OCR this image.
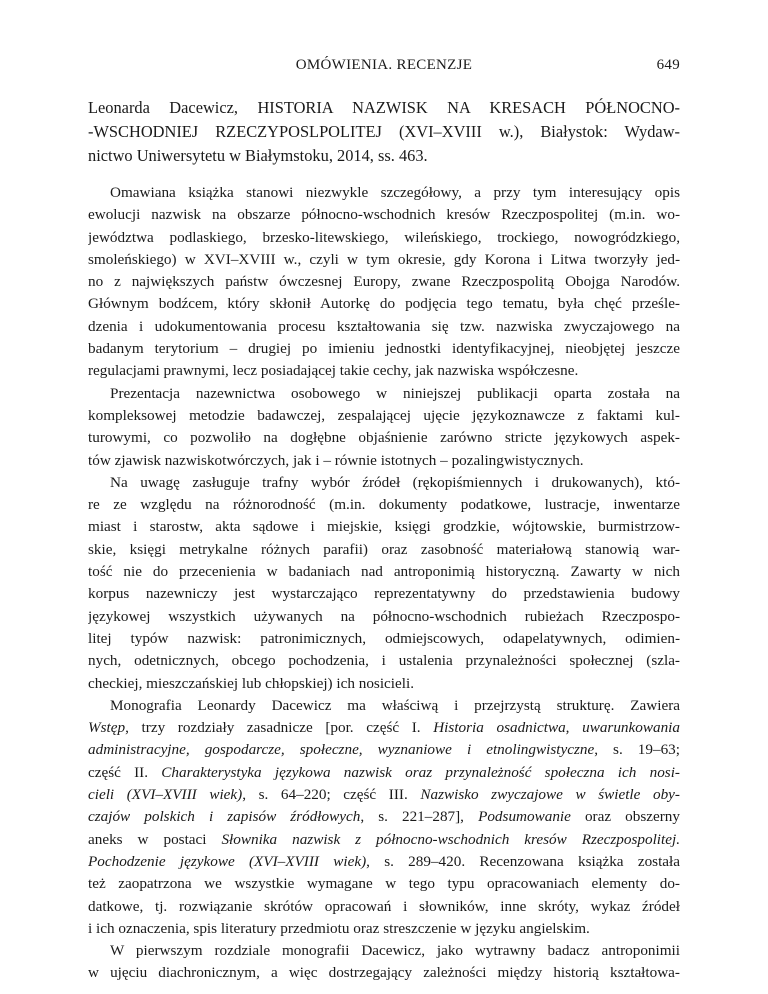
OMÓWIENIA. RECENZJE	649
Leonarda Dacewicz, HISTORIA NAZWISK NA KRESACH PÓŁNOCNO-
-WSCHODNIEJ RZECZYPOSLPOLITEJ (XVI–XVIII w.), Białystok: Wydaw-
nictwo Uniwersytetu w Białymstoku, 2014, ss. 463.
Omawiana książka stanowi niezwykle szczegółowy, a przy tym interesujący opis
ewolucji nazwisk na obszarze północno-wschodnich kresów Rzeczpospolitej (m.in. wo-
jewództwa podlaskiego, brzesko-litewskiego, wileńskiego, trockiego, nowogródzkiego,
smoleńskiego) w XVI–XVIII w., czyli w tym okresie, gdy Korona i Litwa tworzyły jed-
no z największych państw ówczesnej Europy, zwane Rzeczpospolitą Obojga Narodów.
Głównym bodźcem, który skłonił Autorkę do podjęcia tego tematu, była chęć prześle-
dzenia i udokumentowania procesu kształtowania się tzw. nazwiska zwyczajowego na
badanym terytorium – drugiej po imieniu jednostki identyfikacyjnej, nieobjętej jeszcze
regulacjami prawnymi, lecz posiadającej takie cechy, jak nazwiska współczesne.
Prezentacja nazewnictwa osobowego w niniejszej publikacji oparta została na
kompleksowej metodzie badawczej, zespalającej ujęcie językoznawcze z faktami kul-
turowymi, co pozwoliło na dogłębne objaśnienie zarówno stricte językowych aspek-
tów zjawisk nazwiskotwórczych, jak i – równie istotnych – pozalingwistycznych.
Na uwagę zasługuje trafny wybór źródeł (rękopiśmiennych i drukowanych), któ-
re ze względu na różnorodność (m.in. dokumenty podatkowe, lustracje, inwentarze
miast i starostw, akta sądowe i miejskie, księgi grodzkie, wójtowskie, burmistrzow-
skie, księgi metrykalne różnych parafii) oraz zasobność materiałową stanowią war-
tość nie do przecenienia w badaniach nad antroponimią historyczną. Zawarty w nich
korpus nazewniczy jest wystarczająco reprezentatywny do przedstawienia budowy
językowej wszystkich używanych na północno-wschodnich rubieżach Rzeczpospo-
litej typów nazwisk: patronimicznych, odmiejscowych, odapelatywnych, odimien-
nych, odetnicznych, obcego pochodzenia, i ustalenia przynależności społecznej (szla-
checkiej, mieszczańskiej lub chłopskiej) ich nosicieli.
Monografia Leonardy Dacewicz ma właściwą i przejrzystą strukturę. Zawiera
Wstęp, trzy rozdziały zasadnicze [por. część I. Historia osadnictwa, uwarunkowania
administracyjne, gospodarcze, społeczne, wyznaniowe i etnolingwistyczne, s. 19–63;
część II. Charakterystyka językowa nazwisk oraz przynależność społeczna ich nosi-
cieli (XVI–XVIII wiek), s. 64–220; część III. Nazwisko zwyczajowe w świetle oby-
czajów polskich i zapisów źródłowych, s. 221–287], Podsumowanie oraz obszerny
aneks w postaci Słownika nazwisk z północno-wschodnich kresów Rzeczpospolitej.
Pochodzenie językowe (XVI–XVIII wiek), s. 289–420. Recenzowana książka została
też zaopatrzona we wszystkie wymagane w tego typu opracowaniach elementy do-
datkowe, tj. rozwiązanie skrótów opracowań i słowników, inne skróty, wykaz źródeł
i ich oznaczenia, spis literatury przedmiotu oraz streszczenie w języku angielskim.
W pierwszym rozdziale monografii Dacewicz, jako wytrawny badacz antroponimii
w ujęciu diachronicznym, a więc dostrzegający zależności między historią kształtowa-
